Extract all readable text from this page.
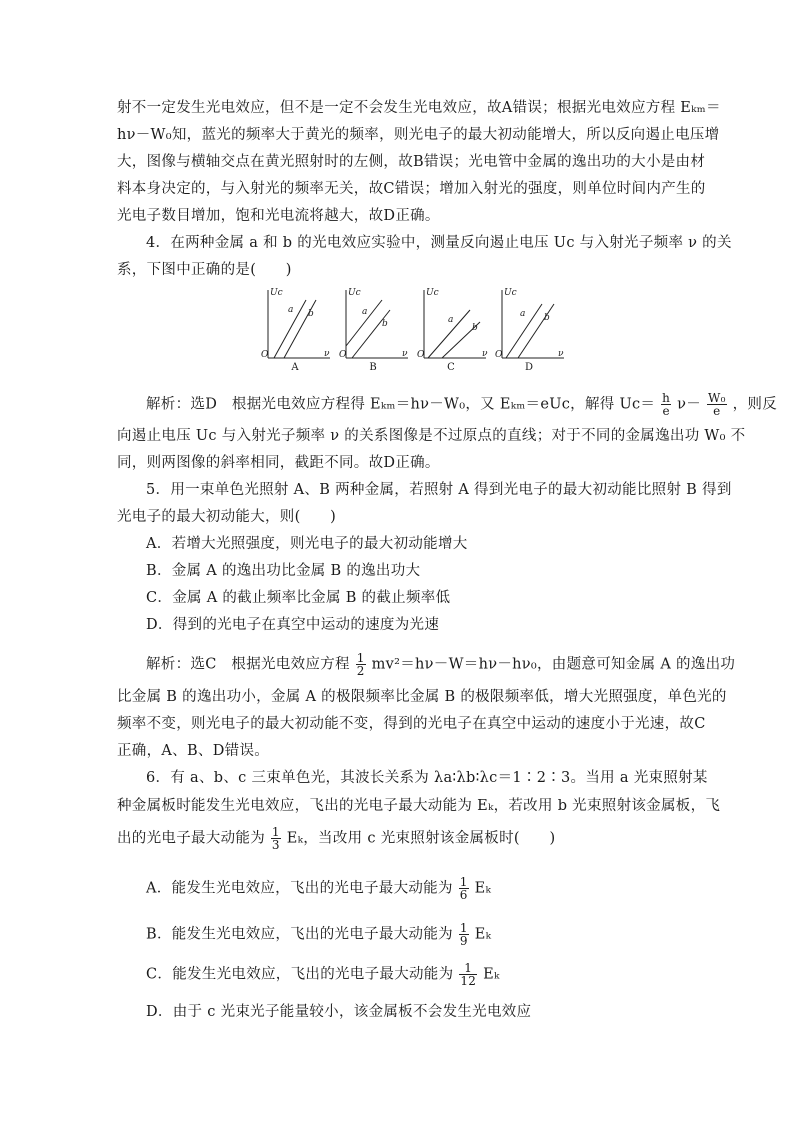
射不一定发生光电效应，但不是一定不会发生光电效应，故A错误；根据光电效应方程 Eₖₘ＝
hν－W₀知，蓝光的频率大于黄光的频率，则光电子的最大初动能增大，所以反向遏止电压增
大，图像与横轴交点在黄光照射时的左侧，故B错误；光电管中金属的逸出功的大小是由材
料本身决定的，与入射光的频率无关，故C错误；增加入射光的强度，则单位时间内产生的
光电子数目增加，饱和光电流将越大，故D正确。
4．在两种金属 a 和 b 的光电效应实验中，测量反向遏止电压 Uc 与入射光子频率 ν 的关
系，下图中正确的是(　　)
Uc
ν
O
a b
A
Uc
ν
O
a
b
B
Uc
ν
O
a
b
C
Uc
ν
O
a b
D
解析：选D　根据光电效应方程得 Eₖₘ＝hν－W₀，又 Eₖₘ＝eUc，解得 $Uc= \frac{h}{e} \nu- \frac{\text{W₀}}{e}$ ，则反
向遏止电压 Uc 与入射光子频率 ν 的关系图像是不过原点的直线；对于不同的金属逸出功 W₀ 不
同，则两图像的斜率相同，截距不同。故D正确。
5．用一束单色光照射 A、B 两种金属，若照射 A 得到光电子的最大初动能比照射 B 得到
光电子的最大初动能大，则(　　)
A．若增大光照强度，则光电子的最大初动能增大
B．金属 A 的逸出功比金属 B 的逸出功大
C．金属 A 的截止频率比金属 B 的截止频率低
D．得到的光电子在真空中运动的速度为光速
解析：选C　根据光电效应方程 $\frac{1}{2} mv^2=h\nu-W=h\nu-h\nu_0$，由题意可知金属 A 的逸出功
比金属 B 的逸出功小，金属 A 的极限频率比金属 B 的极限频率低，增大光照强度，单色光的
频率不变，则光电子的最大初动能不变，得到的光电子在真空中运动的速度小于光速，故C
正确，A、B、D错误。
6．有 a、b、c 三束单色光，其波长关系为 λa∶λb∶λc＝1∶2∶3。当用 a 光束照射某
种金属板时能发生光电效应，飞出的光电子最大动能为 Eₖ，若改用 b 光束照射该金属板，飞
出的光电子最大动能为 $\frac{1}{3}$ Eₖ，当改用 c 光束照射该金属板时(　　)
A．能发生光电效应，飞出的光电子最大动能为 $\frac{1}{6}$ Eₖ
B．能发生光电效应，飞出的光电子最大动能为 $\frac{1}{9}$ Eₖ
C．能发生光电效应，飞出的光电子最大动能为 $\frac{1}{12}$ Eₖ
D．由于 c 光束光子能量较小，该金属板不会发生光电效应
